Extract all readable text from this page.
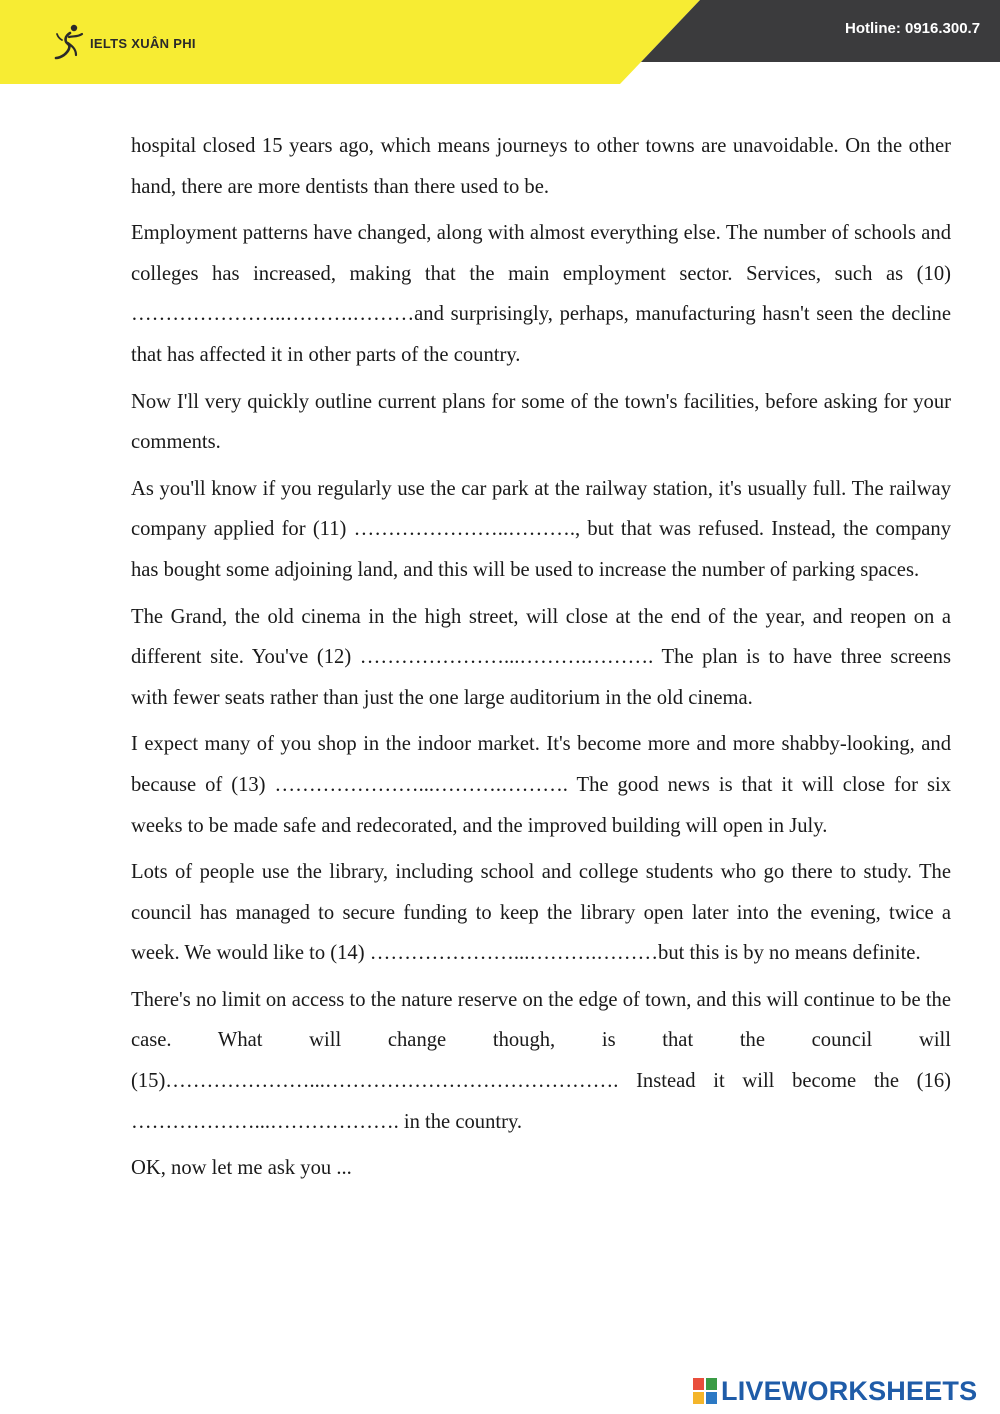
IELTS XUÂN PHI
Hotline: 0916.300.7

hospital closed 15 years ago, which means journeys to other towns are unavoidable. On the other hand, there are more dentists than there used to be.

Employment patterns have changed, along with almost everything else. The number of schools and colleges has increased, making that the main employment sector. Services, such as (10) …………………..……….………and surprisingly, perhaps, manufacturing hasn't seen the decline that has affected it in other parts of the country.

Now I'll very quickly outline current plans for some of the town's facilities, before asking for your comments.

As you'll know if you regularly use the car park at the railway station, it's usually full. The railway company applied for (11) …………………..………., but that was refused. Instead, the company has bought some adjoining land, and this will be used to increase the number of parking spaces.

The Grand, the old cinema in the high street, will close at the end of the year, and reopen on a different site. You've (12) …………………...……….………. The plan is to have three screens with fewer seats rather than just the one large auditorium in the old cinema.

I expect many of you shop in the indoor market. It's become more and more shabby-looking, and because of (13) …………………...……….………. The good news is that it will close for six weeks to be made safe and redecorated, and the improved building will open in July.

Lots of people use the library, including school and college students who go there to study. The council has managed to secure funding to keep the library open later into the evening, twice a week. We would like to (14) …………………...……….………but this is by no means definite.

There's no limit on access to the nature reserve on the edge of town, and this will continue to be the case. What will change though, is that the council will (15)…………………...……………………………………. Instead it will become the (16) ………………...………………. in the country.

OK, now let me ask you ...

LIVEWORKSHEETS
